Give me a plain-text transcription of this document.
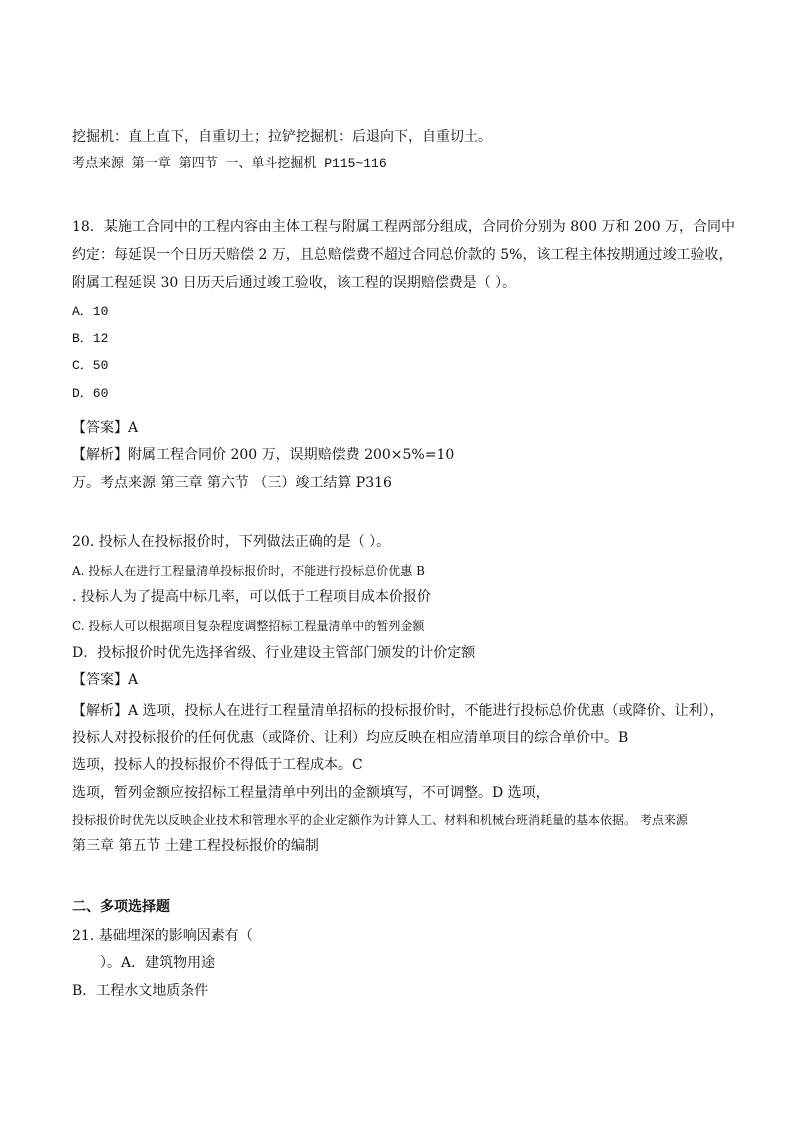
挖掘机：直上直下，自重切土；拉铲挖掘机：后退向下，自重切土。
考点来源 第一章 第四节 一、单斗挖掘机 P115~116
18．某施工合同中的工程内容由主体工程与附属工程两部分组成，合同价分别为 800 万和 200 万，合同中
约定：每延误一个日历天赔偿 2 万，且总赔偿费不超过合同总价款的 5%，该工程主体按期通过竣工验收，
附属工程延误 30 日历天后通过竣工验收，该工程的误期赔偿费是（ ）。
A．10
B．12
C．50
D．60
【答案】A
【解析】附属工程合同价 200 万，误期赔偿费 200×5%=10
万。考点来源 第三章 第六节 （三）竣工结算 P316
20. 投标人在投标报价时，下列做法正确的是（ ）。
A. 投标人在进行工程量清单投标报价时，不能进行投标总价优惠 B
. 投标人为了提高中标几率，可以低于工程项目成本价报价
C. 投标人可以根据项目复杂程度调整招标工程量清单中的暂列金额
D．投标报价时优先选择省级、行业建设主管部门颁发的计价定额
【答案】A
【解析】A 选项，投标人在进行工程量清单招标的投标报价时，不能进行投标总价优惠（或降价、让利），
投标人对投标报价的任何优惠（或降价、让利）均应反映在相应清单项目的综合单价中。B
选项，投标人的投标报价不得低于工程成本。C
选项，暂列金额应按招标工程量清单中列出的金额填写，不可调整。D 选项，
投标报价时优先以反映企业技术和管理水平的企业定额作为计算人工、材料和机械台班消耗量的基本依据。 考点来源
第三章 第五节 土建工程投标报价的编制
二、多项选择题
21. 基础埋深的影响因素有（
）。A．建筑物用途
B．工程水文地质条件
